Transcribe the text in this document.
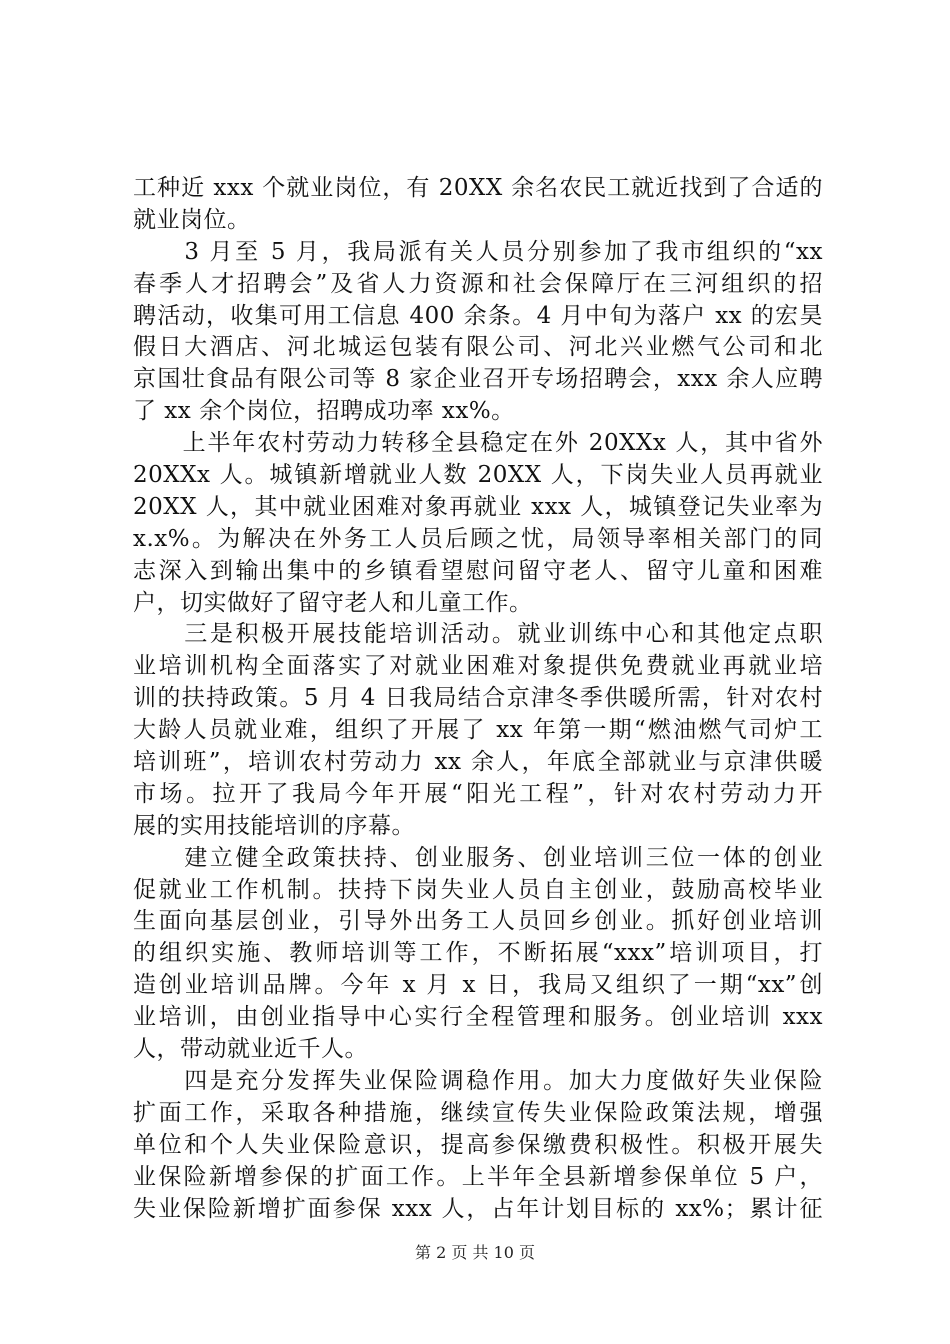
工种近 xxx 个就业岗位，有 20XX 余名农民工就近找到了合适的
就业岗位。
　　3 月至 5 月，我局派有关人员分别参加了我市组织的“xx
春季人才招聘会”及省人力资源和社会保障厅在三河组织的招
聘活动，收集可用工信息 400 余条。4 月中旬为落户 xx 的宏昊
假日大酒店、河北城运包装有限公司、河北兴业燃气公司和北
京国壮食品有限公司等 8 家企业召开专场招聘会，xxx 余人应聘
了 xx 余个岗位，招聘成功率 xx%。
　　上半年农村劳动力转移全县稳定在外 20XXx 人，其中省外
20XXx 人。城镇新增就业人数 20XX 人，下岗失业人员再就业
20XX 人，其中就业困难对象再就业 xxx 人，城镇登记失业率为
x.x%。为解决在外务工人员后顾之忧，局领导率相关部门的同
志深入到输出集中的乡镇看望慰问留守老人、留守儿童和困难
户，切实做好了留守老人和儿童工作。
　　三是积极开展技能培训活动。就业训练中心和其他定点职
业培训机构全面落实了对就业困难对象提供免费就业再就业培
训的扶持政策。5 月 4 日我局结合京津冬季供暖所需，针对农村
大龄人员就业难，组织了开展了 xx 年第一期“燃油燃气司炉工
培训班”，培训农村劳动力 xx 余人，年底全部就业与京津供暖
市场。拉开了我局今年开展“阳光工程”，针对农村劳动力开
展的实用技能培训的序幕。
　　建立健全政策扶持、创业服务、创业培训三位一体的创业
促就业工作机制。扶持下岗失业人员自主创业，鼓励高校毕业
生面向基层创业，引导外出务工人员回乡创业。抓好创业培训
的组织实施、教师培训等工作，不断拓展“xxx”培训项目，打
造创业培训品牌。今年 x 月 x 日，我局又组织了一期“xx”创
业培训，由创业指导中心实行全程管理和服务。创业培训 xxx
人，带动就业近千人。
　　四是充分发挥失业保险调稳作用。加大力度做好失业保险
扩面工作，采取各种措施，继续宣传失业保险政策法规，增强
单位和个人失业保险意识，提高参保缴费积极性。积极开展失
业保险新增参保的扩面工作。上半年全县新增参保单位 5 户，
失业保险新增扩面参保 xxx 人，占年计划目标的 xx%；累计征
第 2 页 共 10 页
